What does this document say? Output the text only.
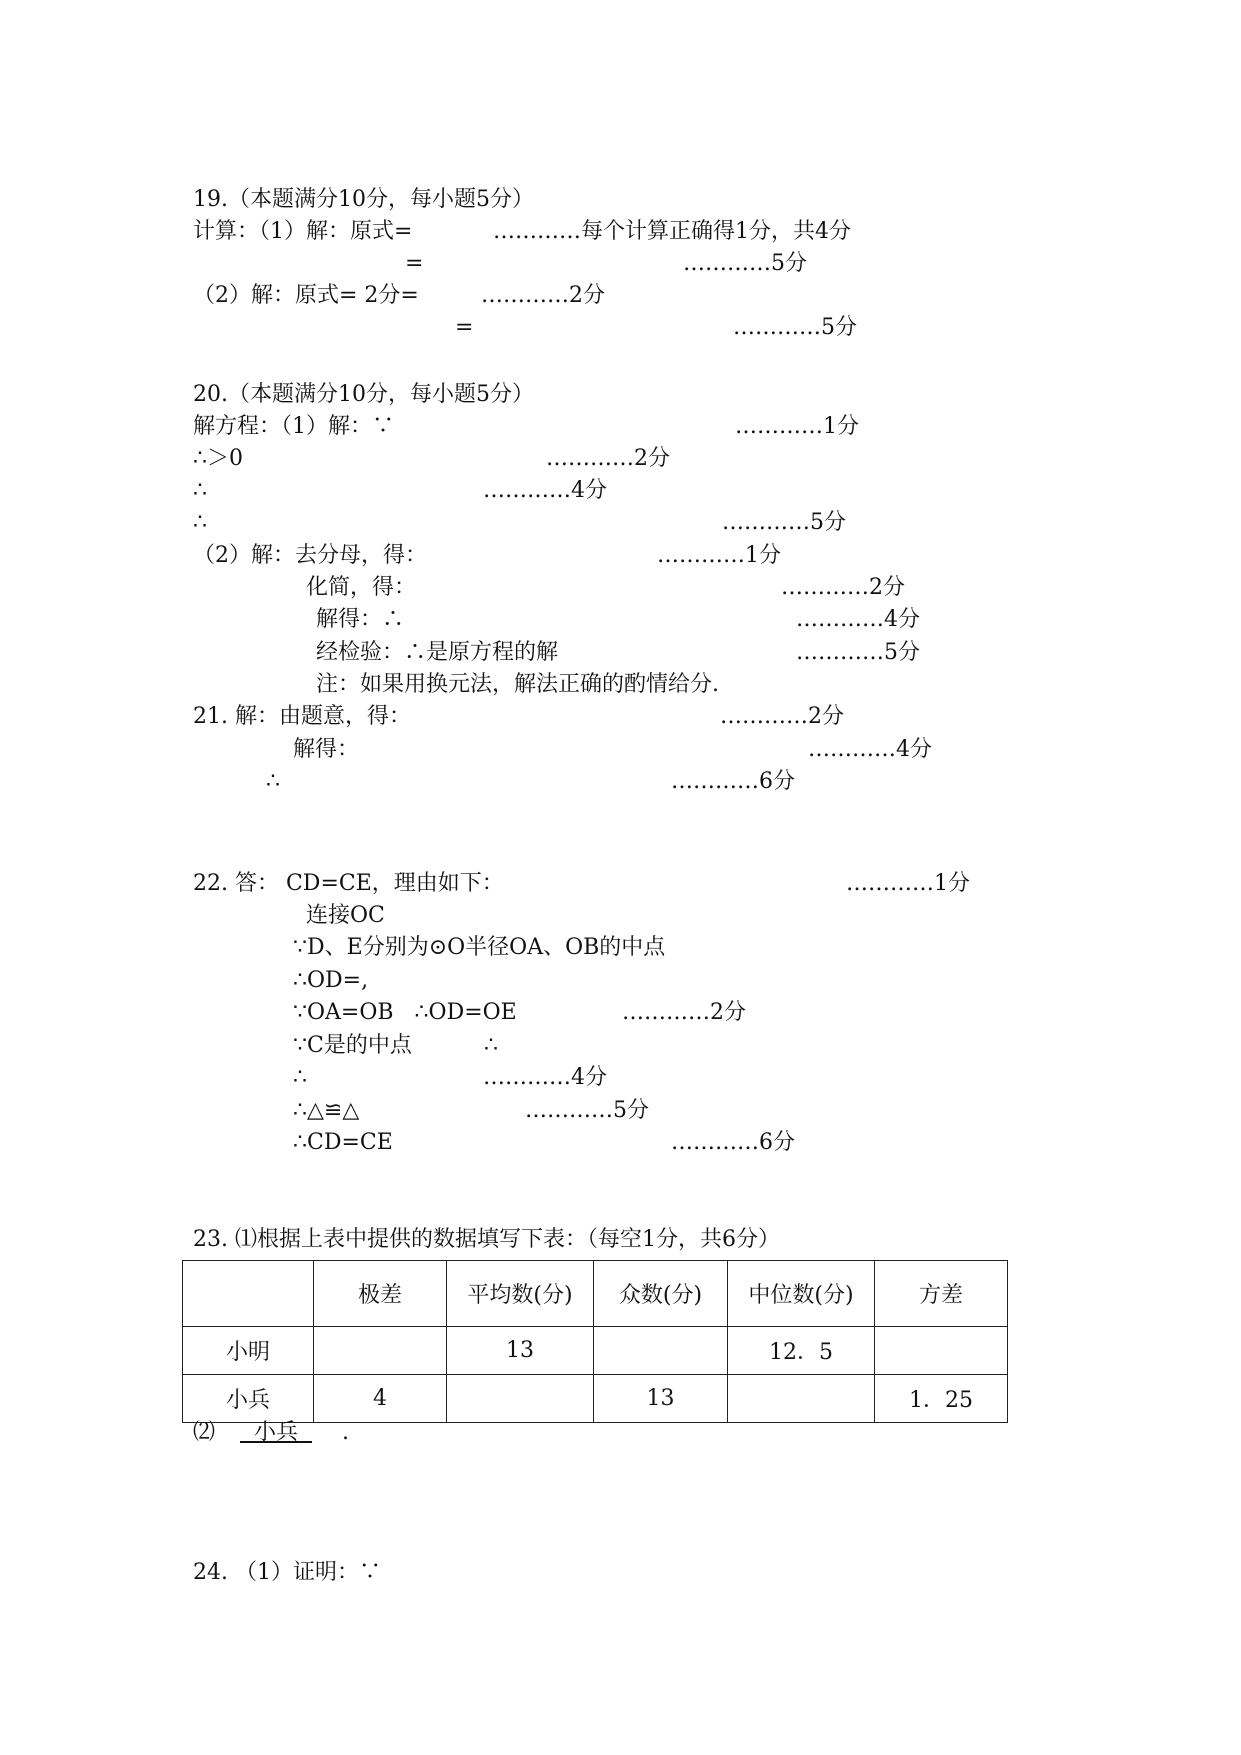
19.（本题满分10分，每小题5分）
计算：（1）解：原式=	…………每个计算正确得1分，共4分
=	…………5分
（2）解：原式= 2分=	…………2分
=	…………5分
20.（本题满分10分，每小题5分）
解方程：（1）解：∵	…………1分
∴＞0	…………2分
∴	…………4分
∴	…………5分
（2）解：去分母，得：	…………1分
化简，得：	…………2分
解得：∴	…………4分
经检验：∴是原方程的解	…………5分
注：如果用换元法，解法正确的酌情给分.
21. 解：由题意，得：	…………2分
解得：	…………4分
∴	…………6分
22. 答： CD=CE，理由如下：	…………1分
连接OC
∵D、E分别为⊙O半径OA、OB的中点
∴OD=,
∵OA=OB   ∴OD=OE	…………2分
∵C是的中点	∴
∴	…………4分
∴△≌△	…………5分
∴CD=CE	…………6分
23. ⑴根据上表中提供的数据填写下表：（每空1分，共6分）
	极差	平均数(分)	众数(分)	中位数(分)	方差
小明		13		12．5	
小兵	4		13		1．25
⑵ 小兵 .
24. （1）证明：∵
